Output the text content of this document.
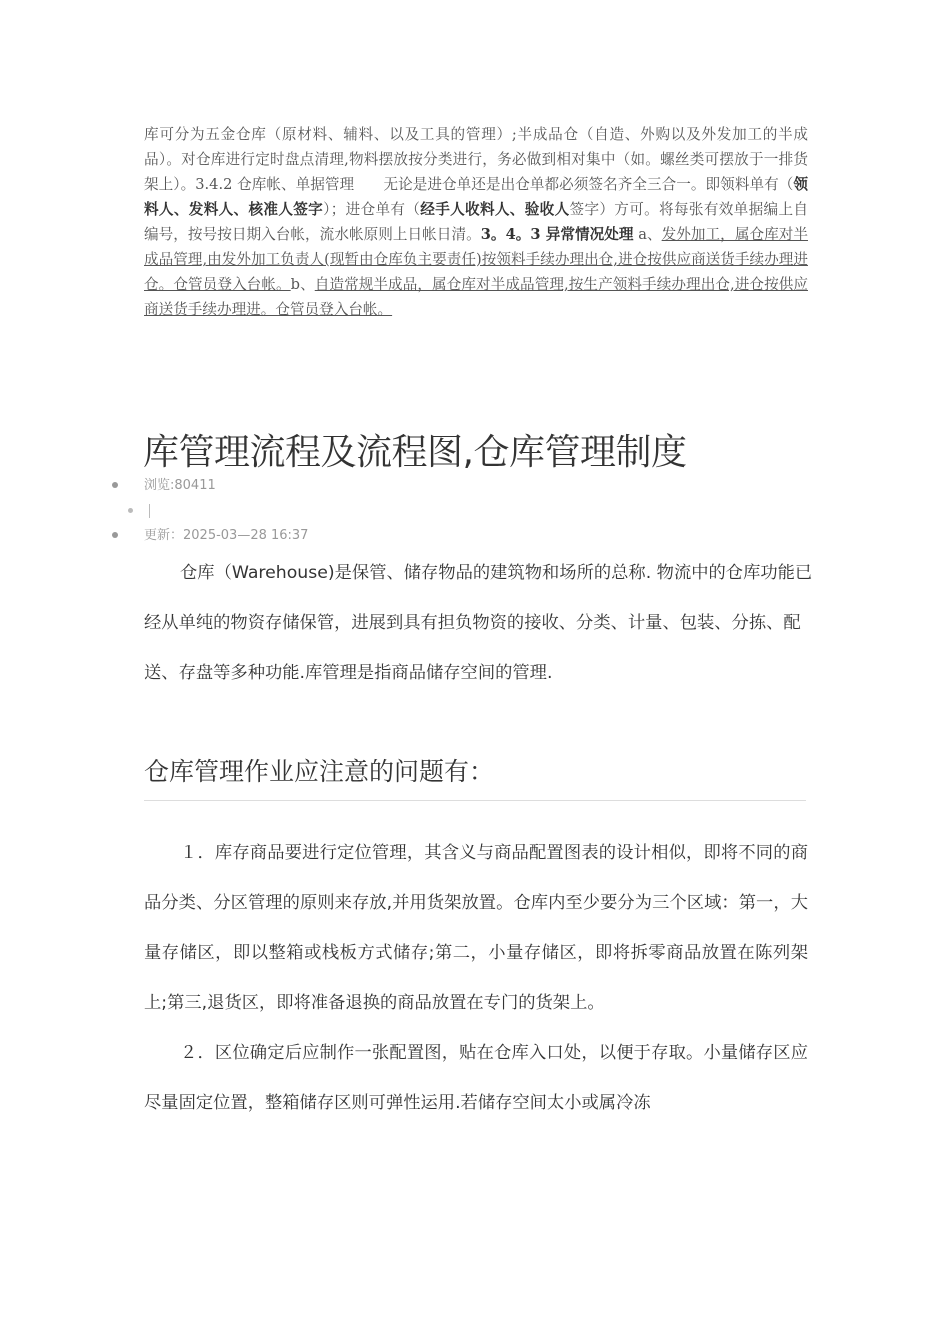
库可分为五金仓库（原材料、辅料、以及工具的管理）;半成品仓（自造、外购以及外发加工的半成品）。对仓库进行定时盘点清理,物料摆放按分类进行，务必做到相对集中（如。螺丝类可摆放于一排货架上）。3.4.2 仓库帐、单据管理　　无论是进仓单还是出仓单都必须签名齐全三合一。即领料单有（领料人、发料人、核准人签字）；进仓单有（经手人收料人、验收人签字）方可。将每张有效单据编上自编号，按号按日期入台帐，流水帐原则上日帐日清。3。4。3 异常情况处理 a、发外加工，属仓库对半成品管理,由发外加工负责人(现暂由仓库负主要责任)按领料手续办理出仓,进仓按供应商送货手续办理进仓。仓管员登入台帐。b、自造常规半成品，属仓库对半成品管理,按生产领料手续办理出仓,进仓按供应商送货手续办理进。仓管员登入台帐。
库管理流程及流程图,仓库管理制度
浏览:80411
更新：2025-03—28 16:37

仓库（Warehouse)是保管、储存物品的建筑物和场所的总称. 物流中的仓库功能已经从单纯的物资存储保管，进展到具有担负物资的接收、分类、计量、包装、分拣、配送、存盘等多种功能.库管理是指商品储存空间的管理.

仓库管理作业应注意的问题有：

１．库存商品要进行定位管理，其含义与商品配置图表的设计相似，即将不同的商品分类、分区管理的原则来存放,并用货架放置。仓库内至少要分为三个区域：第一，大量存储区，即以整箱或栈板方式储存;第二，小量存储区，即将拆零商品放置在陈列架上;第三,退货区，即将准备退换的商品放置在专门的货架上。

２．区位确定后应制作一张配置图，贴在仓库入口处，以便于存取。小量储存区应尽量固定位置，整箱储存区则可弹性运用.若储存空间太小或属冷冻
